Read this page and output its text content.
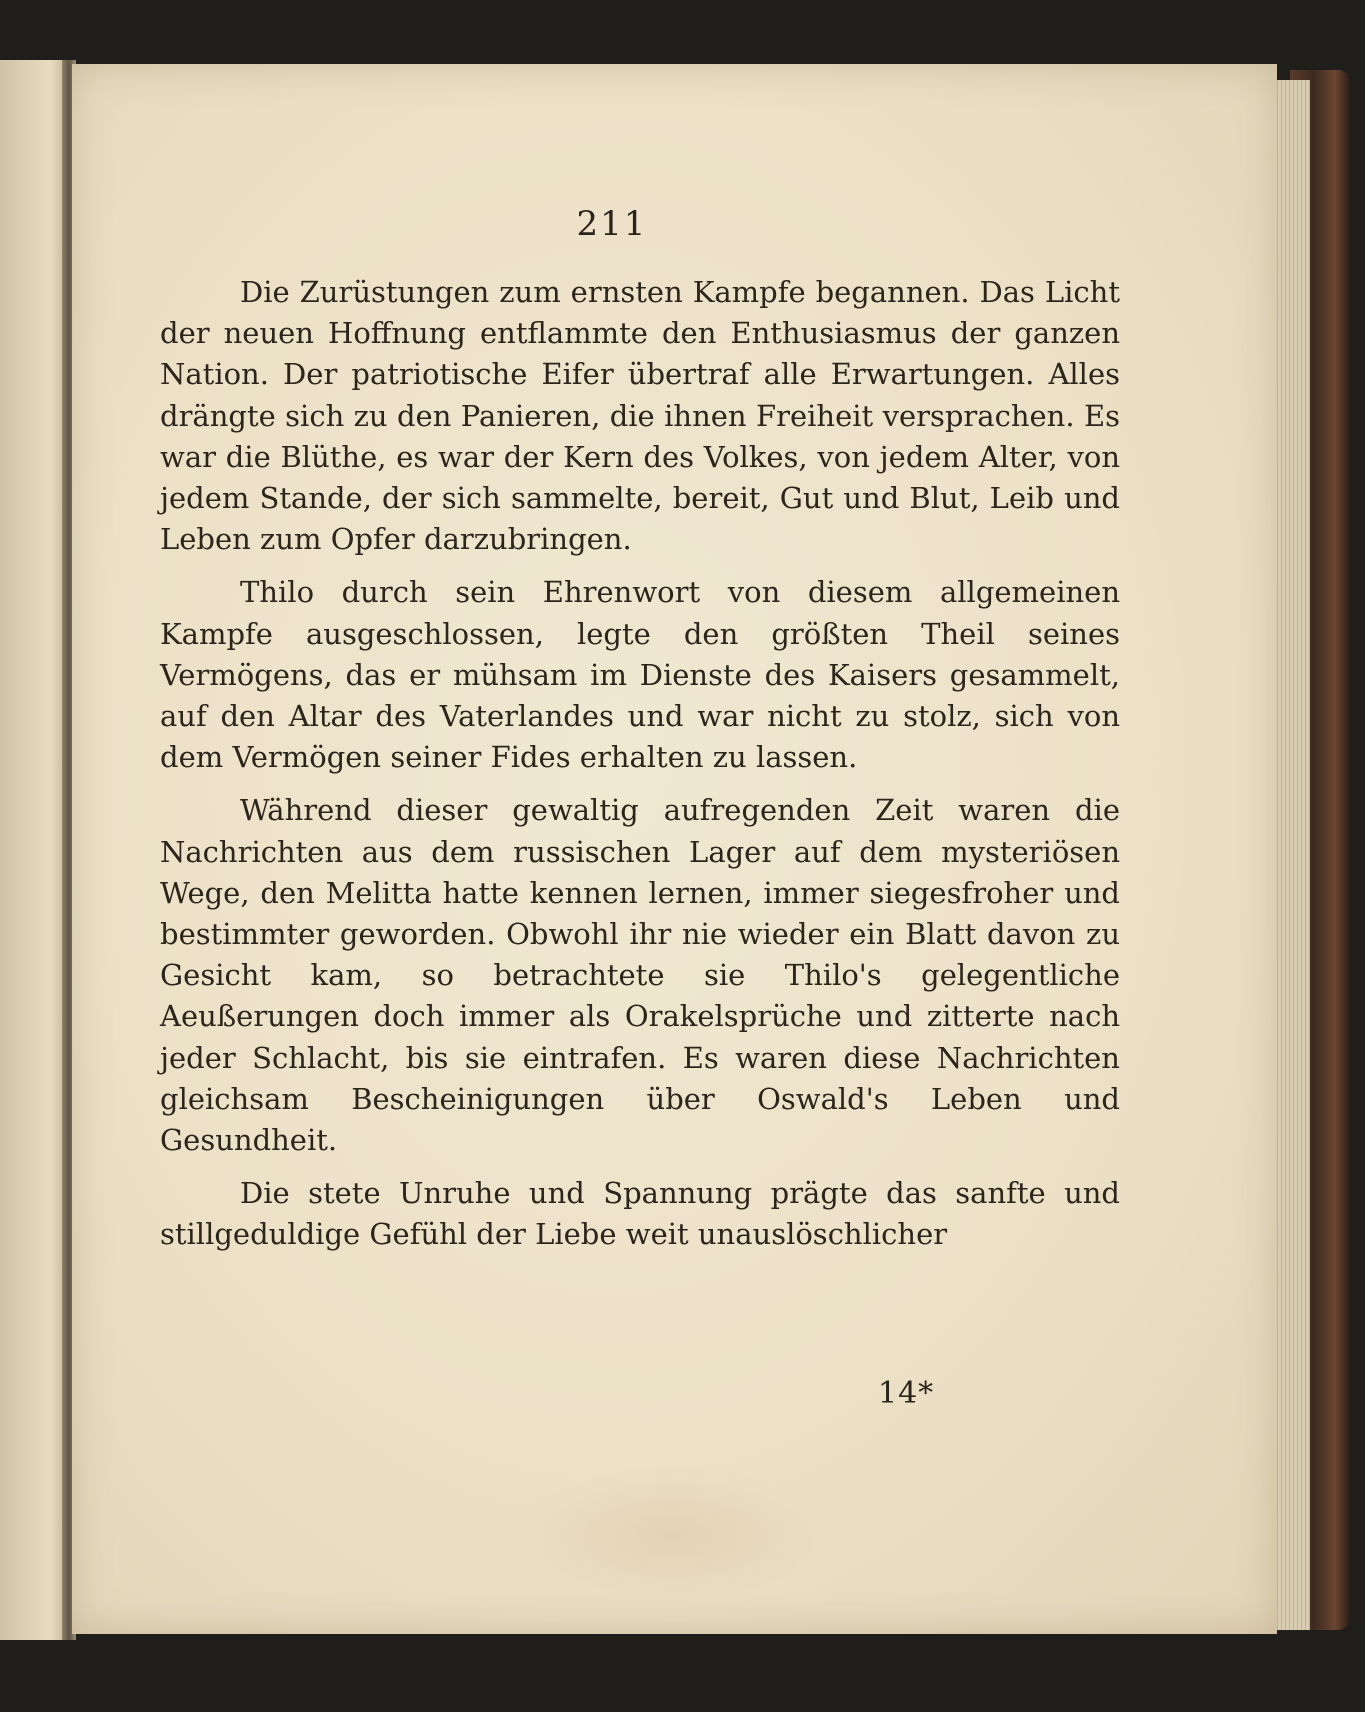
211

Die Zurüstungen zum ernsten Kampfe begannen. Das Licht der neuen Hoffnung entflammte den Enthusiasmus der ganzen Nation. Der patriotische Eifer übertraf alle Erwartungen. Alles drängte sich zu den Panieren, die ihnen Freiheit versprachen. Es war die Blüthe, es war der Kern des Volkes, von jedem Alter, von jedem Stande, der sich sammelte, bereit, Gut und Blut, Leib und Leben zum Opfer darzubringen.

Thilo durch sein Ehrenwort von diesem allgemeinen Kampfe ausgeschlossen, legte den größten Theil seines Vermögens, das er mühsam im Dienste des Kaisers gesammelt, auf den Altar des Vaterlandes und war nicht zu stolz, sich von dem Vermögen seiner Fides erhalten zu lassen.

Während dieser gewaltig aufregenden Zeit waren die Nachrichten aus dem russischen Lager auf dem mysteriösen Wege, den Melitta hatte kennen lernen, immer siegesfroher und bestimmter geworden. Obwohl ihr nie wieder ein Blatt davon zu Gesicht kam, so betrachtete sie Thilo's gelegentliche Aeußerungen doch immer als Orakelsprüche und zitterte nach jeder Schlacht, bis sie eintrafen. Es waren diese Nachrichten gleichsam Bescheinigungen über Oswald's Leben und Gesundheit.

Die stete Unruhe und Spannung prägte das sanfte und stillgeduldige Gefühl der Liebe weit unauslöschlicher

14*
